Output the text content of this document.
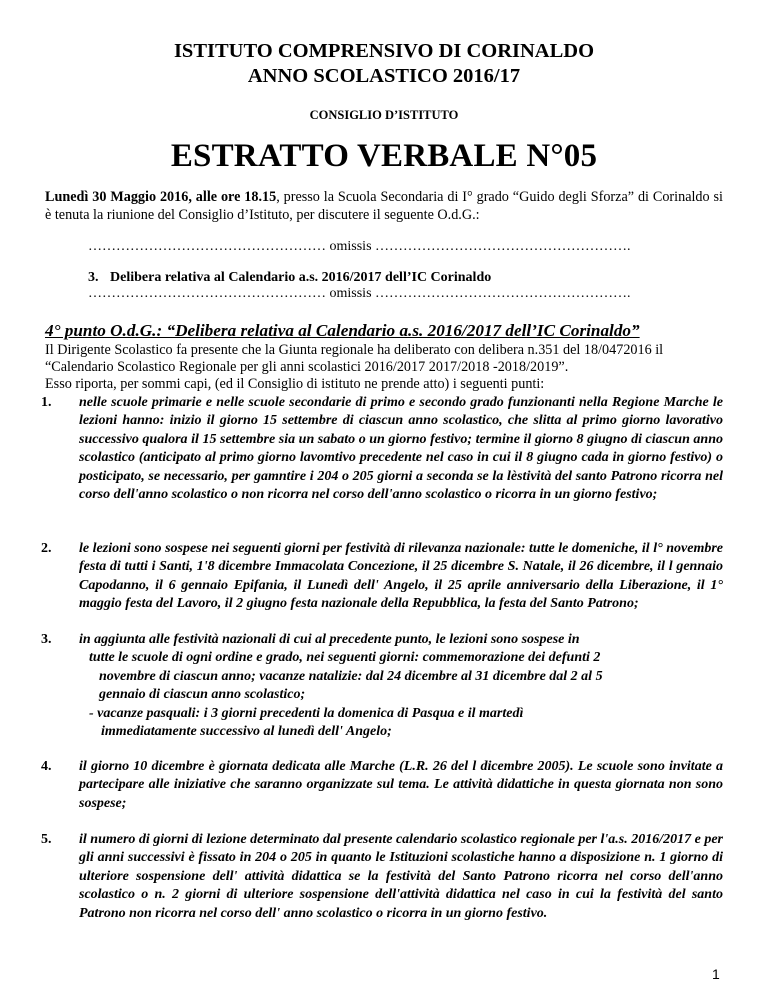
ISTITUTO COMPRENSIVO DI CORINALDO
ANNO SCOLASTICO 2016/17
CONSIGLIO D’ISTITUTO
ESTRATTO VERBALE N°05
Lunedì 30 Maggio 2016, alle ore 18.15, presso la Scuola Secondaria di I° grado “Guido degli Sforza” di Corinaldo si è tenuta la riunione del Consiglio d’Istituto, per discutere il seguente O.d.G.:
…………………………………………… omissis ……………………………………………….
3. Delibera relativa al Calendario a.s. 2016/2017 dell’IC Corinaldo
…………………………………………… omissis ……………………………………………….
4° punto O.d.G.: “Delibera relativa al Calendario a.s. 2016/2017 dell’IC Corinaldo”
Il Dirigente Scolastico fa presente che la Giunta regionale ha deliberato con delibera n.351 del 18/0472016 il
“Calendario Scolastico Regionale per gli anni scolastici 2016/2017 2017/2018 -2018/2019”.
Esso riporta, per sommi capi, (ed il Consiglio di istituto ne prende atto) i seguenti punti:
1. nelle scuole primarie e nelle scuole secondarie di primo e secondo grado funzionanti nella Regione Marche le lezioni hanno: inizio il giorno 15 settembre di ciascun anno scolastico, che slitta al primo giorno lavorativo successivo qualora il 15 settembre sia un sabato o un giorno festivo; termine il giorno 8 giugno di ciascun anno scolastico (anticipato al primo giorno lavomtivo precedente nel caso in cui il 8 giugno cada in giorno festivo) o posticipato, se necessario, per gamntire i 204 o 205 giorni a seconda se la lèstività del santo Patrono ricorra nel corso dell'anno scolastico o non ricorra nel corso dell'anno scolastico o ricorra in un giorno festivo;
2. le lezioni sono sospese nei seguenti giorni per festività di rilevanza nazionale: tutte le domeniche, il l° novembre festa di tutti i Santi, 1'8 dicembre Immacolata Concezione, il 25 dicembre S. Natale, il 26 dicembre, il l gennaio Capodanno, il 6 gennaio Epifania, il Lunedì dell' Angelo, il 25 aprile anniversario della Liberazione, il 1° maggio festa del Lavoro, il 2 giugno festa nazionale della Repubblica, la festa del Santo Patrono;
3. in aggiunta alle festività nazionali di cui al precedente punto, le lezioni sono sospese in
tutte le scuole di ogni ordine e grado, nei seguenti giorni: commemorazione dei defunti 2
novembre di ciascun anno; vacanze natalizie: dal 24 dicembre al 31 dicembre dal 2 al 5
gennaio di ciascun anno scolastico;
- vacanze pasquali: i 3 giorni precedenti la domenica di Pasqua e il martedì
immediatamente successivo al lunedì dell' Angelo;
4. il giorno 10 dicembre è giornata dedicata alle Marche (L.R. 26 del l dicembre 2005). Le scuole sono invitate a partecipare alle iniziative che saranno organizzate sul tema. Le attività didattiche in questa giornata non sono sospese;
5. il numero di giorni di lezione determinato dal presente calendario scolastico regionale per l'a.s. 2016/2017 e per gli anni successivi è fissato in 204 o 205 in quanto le Istituzioni scolastiche hanno a disposizione n. 1 giorno di ulteriore sospensione dell' attività didattica se la festività del Santo Patrono ricorra nel corso dell'anno scolastico o n. 2 giorni di ulteriore sospensione dell'attività didattica nel caso in cui la festività del santo Patrono non ricorra nel corso dell' anno scolastico o ricorra in un giorno festivo.
1
